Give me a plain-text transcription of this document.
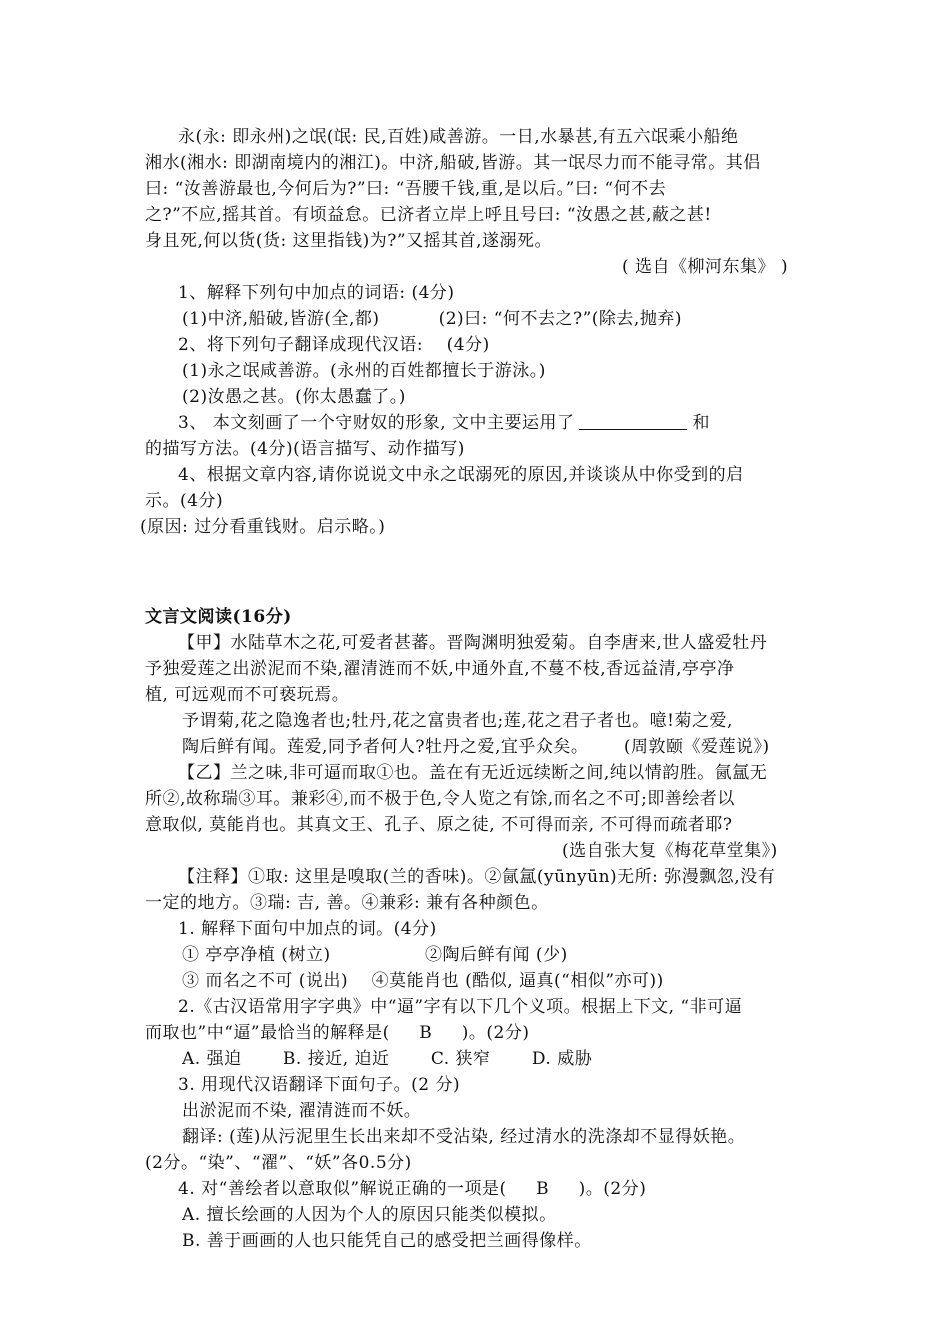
永(永: 即永州)之氓(氓: 民,百姓)咸善游。一日,水暴甚,有五六氓乘小船绝
湘水(湘水: 即湖南境内的湘江)。中济,船破,皆游。其一氓尽力而不能寻常。其侣
曰: “汝善游最也,今何后为?”曰: “吾腰千钱,重,是以后。”曰: “何不去
之?”不应,摇其首。有顷益怠。已济者立岸上呼且号曰: “汝愚之甚,蔽之甚!
身且死,何以货(货: 这里指钱)为?”又摇其首,遂溺死。
( 选自《柳河东集》 )
1、解释下列句中加点的词语: (4分)
(1)中济,船破,皆游(全,都)          (2)曰: “何不去之?”(除去,抛弃)
2、将下列句子翻译成现代汉语:    (4分)
(1)永之氓咸善游。(永州的百姓都擅长于游泳。)
(2)汝愚之甚。(你太愚蠢了。)
3、 本文刻画了一个守财奴的形象, 文中主要运用了	和
的描写方法。(4分)(语言描写、动作描写)
4、根据文章内容,请你说说文中永之氓溺死的原因,并谈谈从中你受到的启
示。(4分)
(原因: 过分看重钱财。启示略。)
文言文阅读(16分)
【甲】水陆草木之花,可爱者甚蕃。晋陶渊明独爱菊。自李唐来,世人盛爱牡丹
予独爱莲之出淤泥而不染,濯清涟而不妖,中通外直,不蔓不枝,香远益清,亭亭净
植, 可远观而不可亵玩焉。
予谓菊,花之隐逸者也;牡丹,花之富贵者也;莲,花之君子者也。噫!菊之爱,
陶后鲜有闻。莲爱,同予者何人?牡丹之爱,宜乎众矣。      (周敦颐《爱莲说》)
【乙】兰之味,非可逼而取①也。盖在有无近远续断之间,纯以情韵胜。氤氲无
所②,故称瑞③耳。兼彩④,而不极于色,令人览之有馀,而名之不可;即善绘者以
意取似, 莫能肖也。其真文王、孔子、原之徒, 不可得而亲, 不可得而疏者耶?
(选自张大复《梅花草堂集》)
【注释】①取: 这里是嗅取(兰的香味)。②氤氲(yūnyūn)无所: 弥漫飘忽,没有
一定的地方。③瑞: 吉, 善。④兼彩: 兼有各种颜色。
1. 解释下面句中加点的词。(4分)
① 亭亭净植 (树立)                ②陶后鲜有闻 (少)
③ 而名之不可 (说出)    ④莫能肖也 (酷似, 逼真(“相似”亦可))
2.《古汉语常用字字典》中“逼”字有以下几个义项。根据上下文, “非可逼
而取也”中“逼”最恰当的解释是(     B     )。(2分)
A. 强迫       B. 接近, 迫近       C. 狭窄       D. 威胁
3. 用现代汉语翻译下面句子。(2 分)
出淤泥而不染, 濯清涟而不妖。
翻译: (莲)从污泥里生长出来却不受沾染, 经过清水的洗涤却不显得妖艳。
(2分。“染”、“濯”、“妖”各0.5分)
4. 对“善绘者以意取似”解说正确的一项是(     B     )。(2分)
A. 擅长绘画的人因为个人的原因只能类似模拟。
B. 善于画画的人也只能凭自己的感受把兰画得像样。
